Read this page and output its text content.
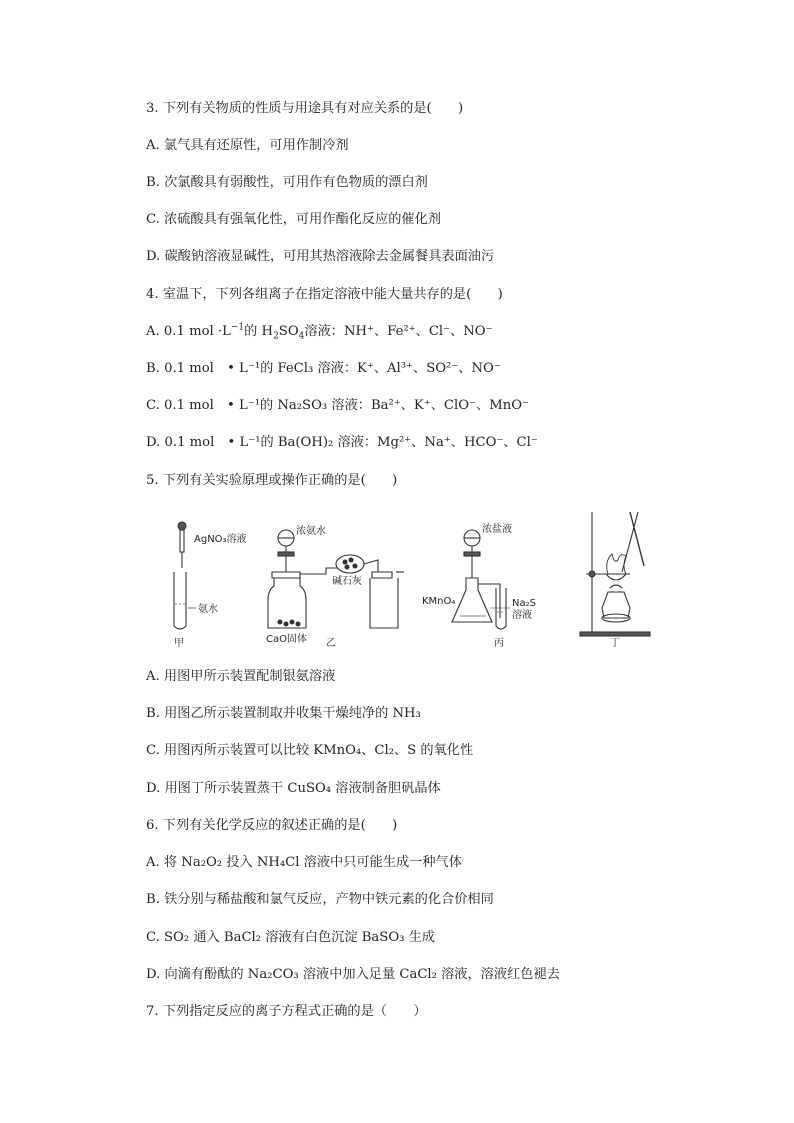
3. 下列有关物质的性质与用途具有对应关系的是(　　)
A. 氯气具有还原性，可用作制冷剂
B. 次氯酸具有弱酸性，可用作有色物质的漂白剂
C. 浓硫酸具有强氧化性，可用作酯化反应的催化剂
D. 碳酸钠溶液显碱性，可用其热溶液除去金属餐具表面油污
4. 室温下，下列各组离子在指定溶液中能大量共存的是(　　)
A. 0.1 mol $\cdot L^{-1}$的 $H_2SO_4$溶液：NH⁺、Fe²⁺、Cl⁻、NO⁻
B. 0.1 mol　• L⁻¹的 FeCl₃ 溶液：K⁺、Al³⁺、SO²⁻、NO⁻
C. 0.1 mol　• L⁻¹的 Na₂SO₃ 溶液：Ba²⁺、K⁺、ClO⁻、MnO⁻
D. 0.1 mol　• L⁻¹的 Ba(OH)₂ 溶液：Mg²⁺、Na⁺、HCO⁻、Cl⁻
5. 下列有关实验原理或操作正确的是(　　)
AgNO₃溶液
氨水
甲
浓氨水
碱石灰
CaO固体 乙
浓盐液
KMnO₄	Na₂S
溶液
丙	丁
A. 用图甲所示装置配制银氨溶液
B. 用图乙所示装置制取并收集干燥纯净的 NH₃
C. 用图丙所示装置可以比较 KMnO₄、Cl₂、S 的氧化性
D. 用图丁所示装置蒸干 CuSO₄ 溶液制备胆矾晶体
6. 下列有关化学反应的叙述正确的是(　　)
A. 将 Na₂O₂ 投入 NH₄Cl 溶液中只可能生成一种气体
B. 铁分别与稀盐酸和氯气反应，产物中铁元素的化合价相同
C. SO₂ 通入 BaCl₂ 溶液有白色沉淀 BaSO₃ 生成
D. 向滴有酚酞的 Na₂CO₃ 溶液中加入足量 CaCl₂ 溶液，溶液红色褪去
7. 下列指定反应的离子方程式正确的是（　　）
